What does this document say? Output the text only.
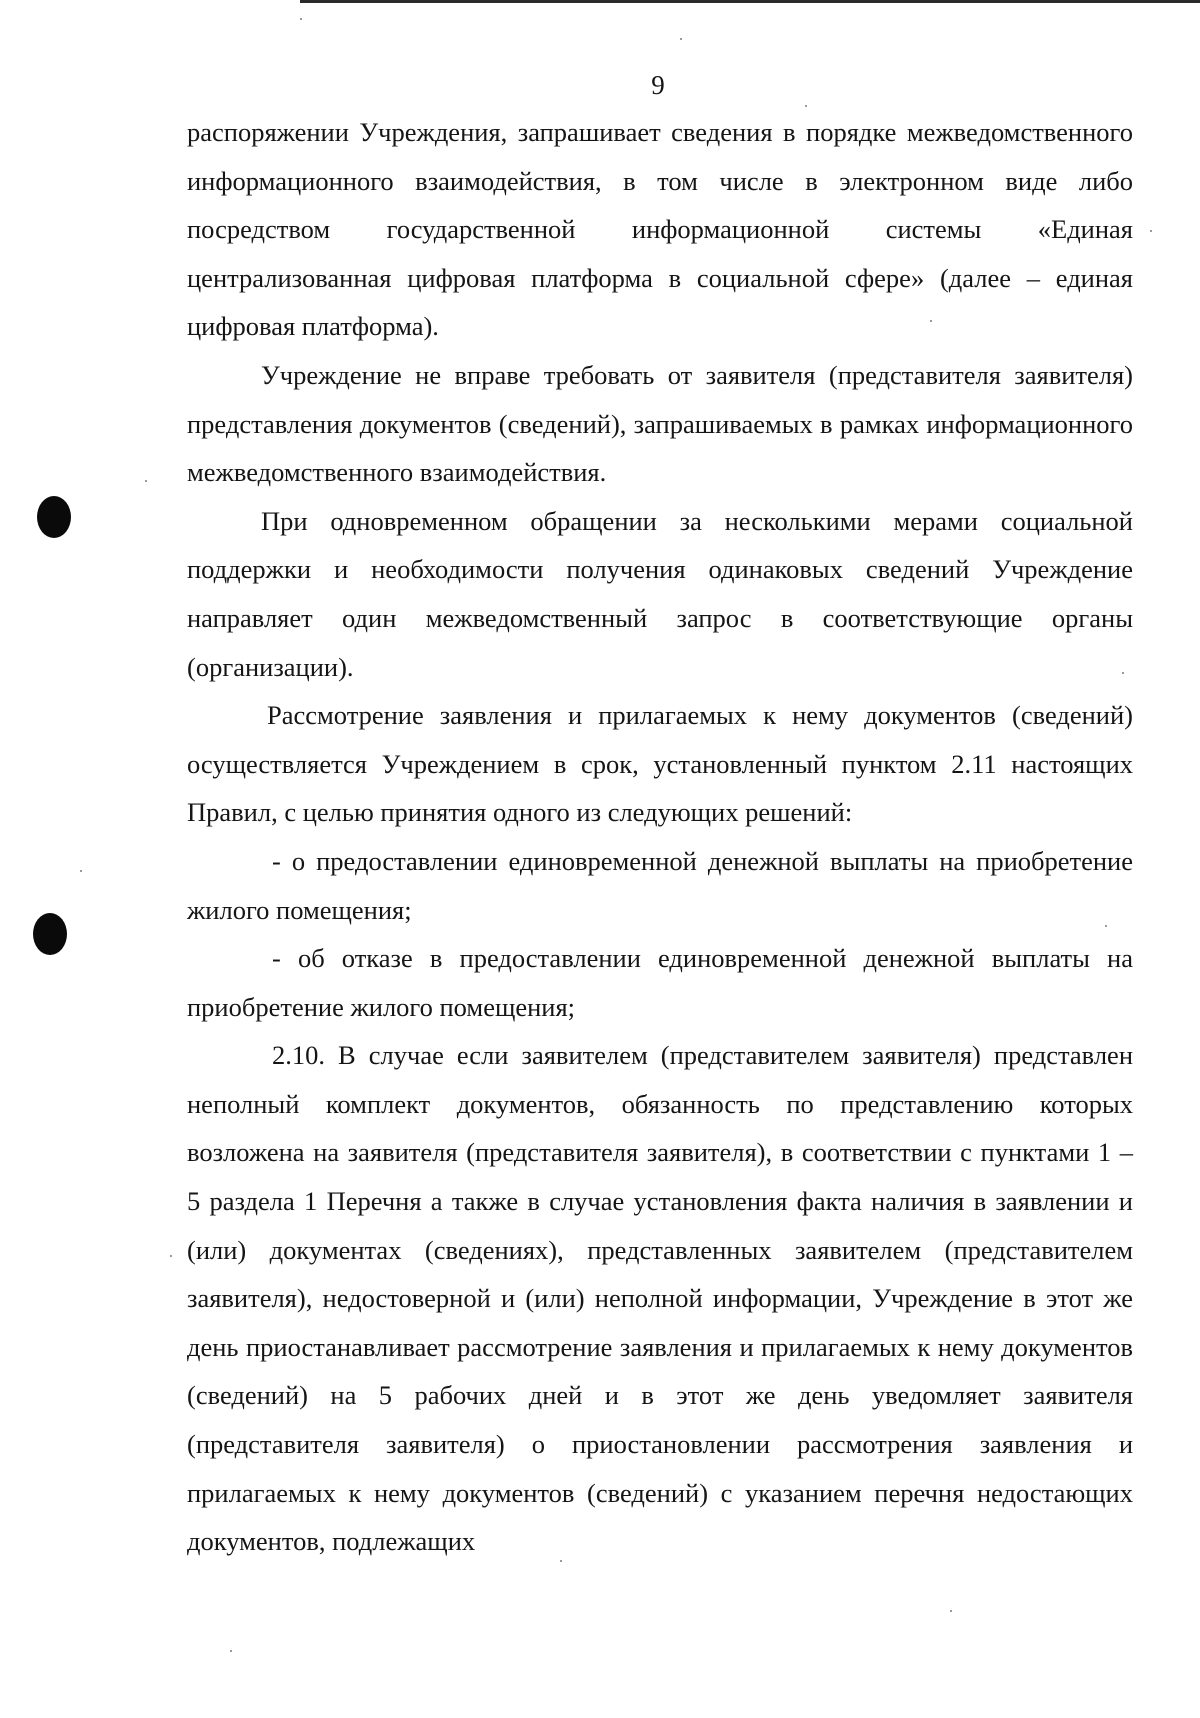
9

распоряжении Учреждения, запрашивает сведения в порядке межведомственного информационного взаимодействия, в том числе в электронном виде либо посредством государственной информационной системы «Единая централизованная цифровая платформа в социальной сфере» (далее – единая цифровая платформа).

Учреждение не вправе требовать от заявителя (представителя заявителя) представления документов (сведений), запрашиваемых в рамках информационного межведомственного взаимодействия.

При одновременном обращении за несколькими мерами социальной поддержки и необходимости получения одинаковых сведений Учреждение направляет один межведомственный запрос в соответствующие органы (организации).

Рассмотрение заявления и прилагаемых к нему документов (сведений) осуществляется Учреждением в срок, установленный пунктом 2.11 настоящих Правил, с целью принятия одного из следующих решений:

- о предоставлении единовременной денежной выплаты на приобретение жилого помещения;

- об отказе в предоставлении единовременной денежной выплаты на приобретение жилого помещения;

2.10. В случае если заявителем (представителем заявителя) представлен неполный комплект документов, обязанность по представлению которых возложена на заявителя (представителя заявителя), в соответствии с пунктами 1 – 5 раздела 1 Перечня а также в случае установления факта наличия в заявлении и (или) документах (сведениях), представленных заявителем (представителем заявителя), недостоверной и (или) неполной информации, Учреждение в этот же день приостанавливает рассмотрение заявления и прилагаемых к нему документов (сведений) на 5 рабочих дней и в этот же день уведомляет заявителя (представителя заявителя) о приостановлении рассмотрения заявления и прилагаемых к нему документов (сведений) с указанием перечня недостающих документов, подлежащих
